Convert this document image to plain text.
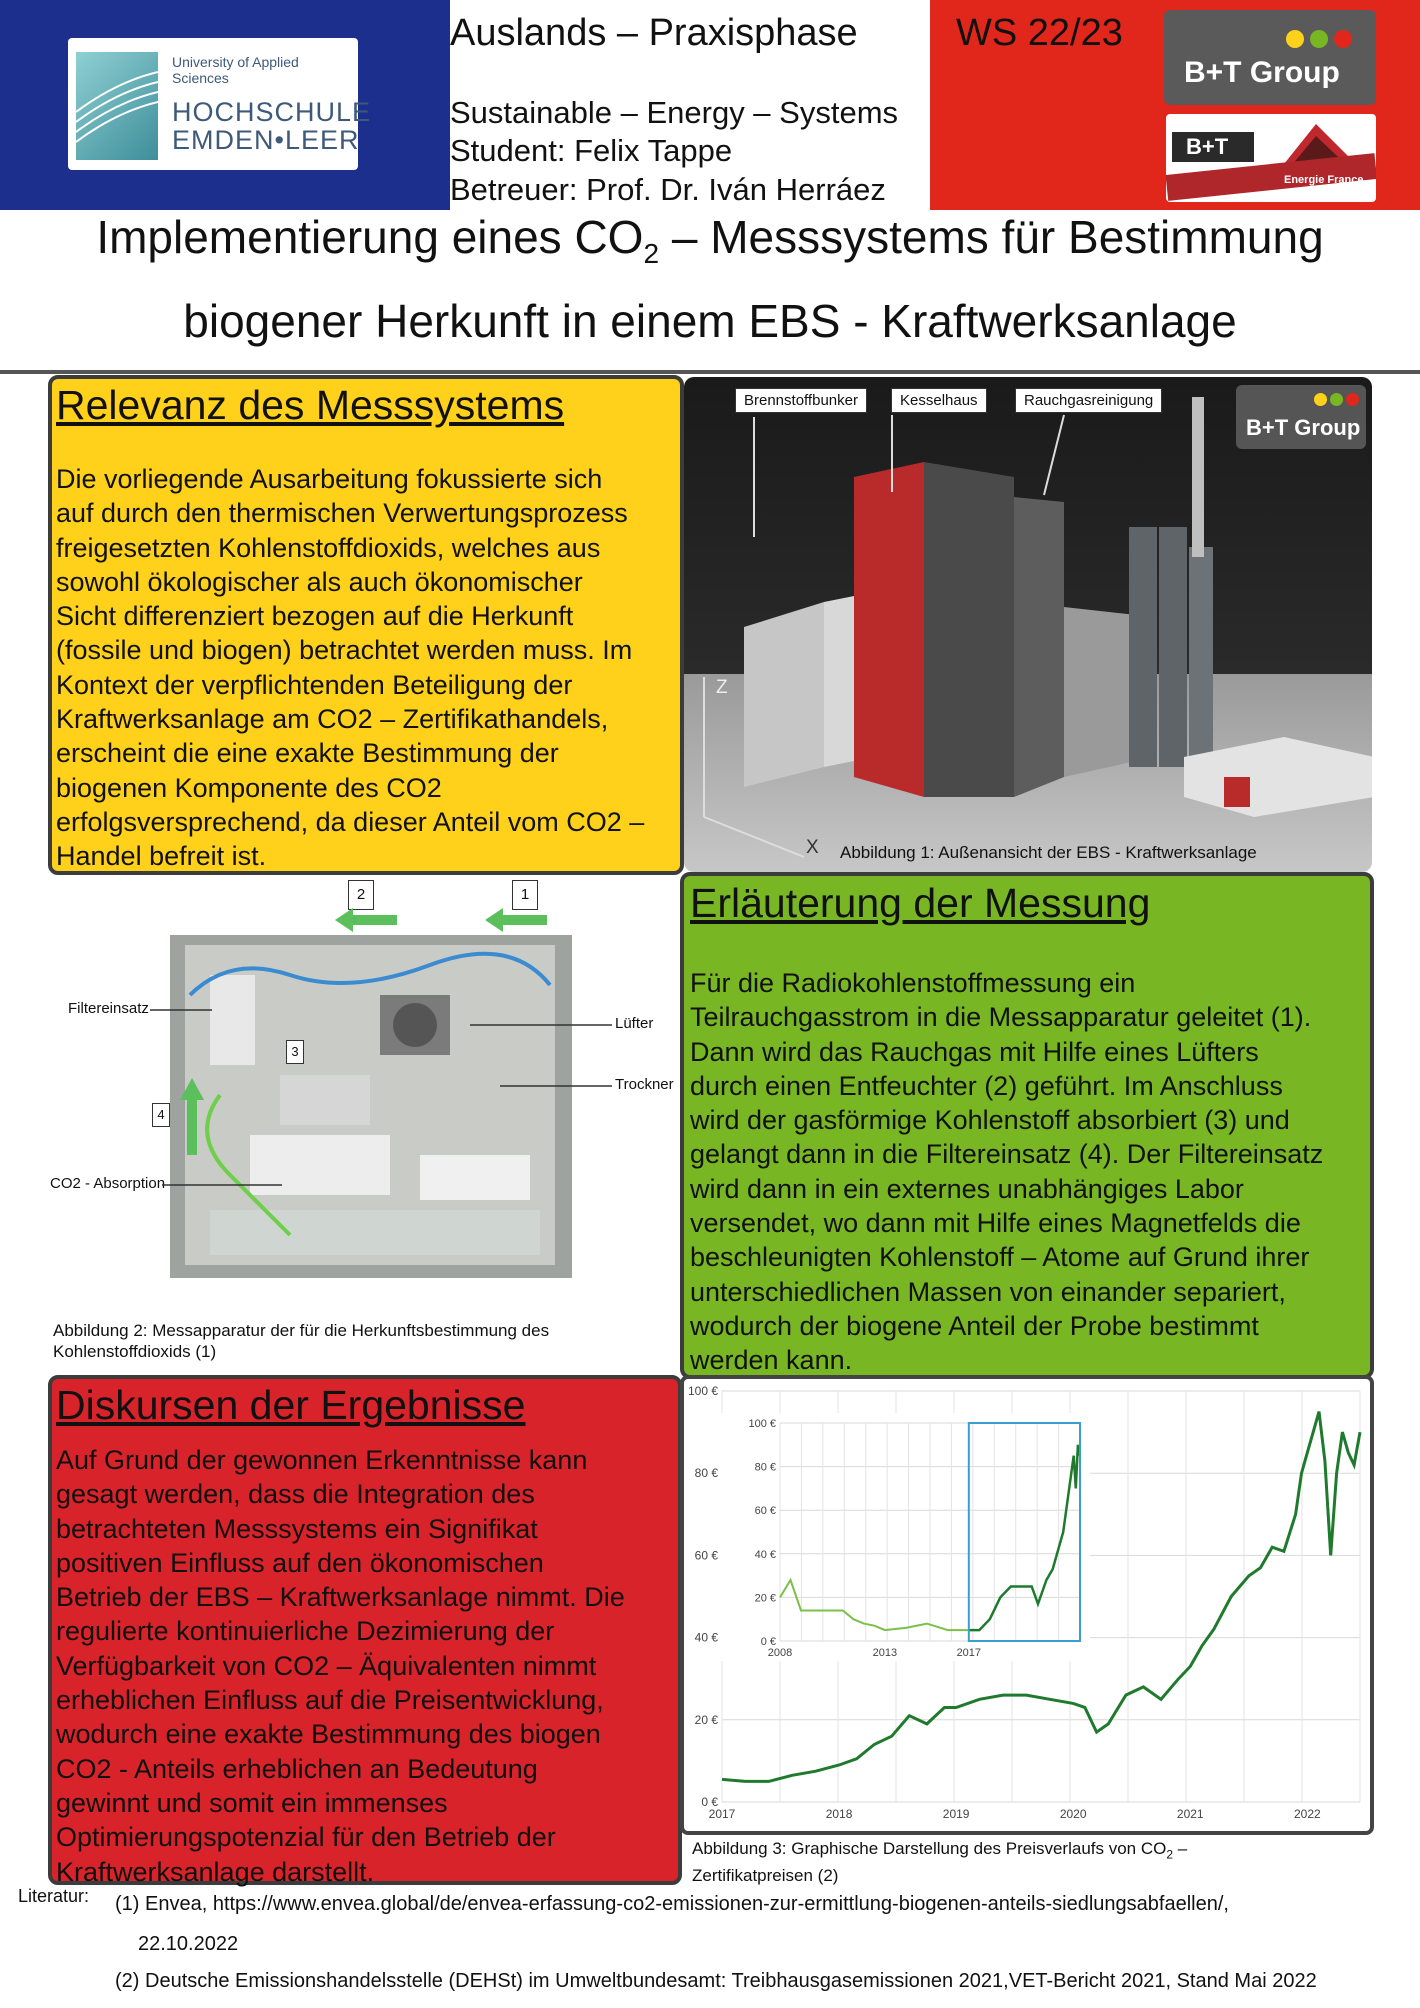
University of Applied Sciences
HOCHSCHULE
EMDEN•LEER
Auslands – Praxisphase	WS 22/23
Sustainable – Energy – Systems
Student: Felix Tappe
Betreuer: Prof. Dr. Iván Herráez
B+T Group
B+T
Energie France
Implementierung eines $CO_2$ – Messsystems für Bestimmung
biogener Herkunft in einem EBS - Kraftwerksanlage
Relevanz des Messsystems
Die vorliegende Ausarbeitung fokussierte sich
auf durch den thermischen Verwertungsprozess
freigesetzten Kohlenstoffdioxids, welches aus
sowohl ökologischer als auch ökonomischer
Sicht differenziert bezogen auf die Herkunft
(fossile und biogen) betrachtet werden muss. Im
Kontext der verpflichtenden Beteiligung der
Kraftwerksanlage am CO2 – Zertifikathandels,
erscheint die eine exakte Bestimmung der
biogenen Komponente des CO2
erfolgsversprechend, da dieser Anteil vom CO2 –
Handel befreit ist.
Brennstoffbunker	Kesselhaus	Rauchgasreinigung
B+T Group
Z
X Abbildung 1: Außenansicht der EBS - Kraftwerksanlage
2	1
Filtereinsatz
Lüfter
Trockner
CO2 - Absorption
4
3
Abbildung 2: Messapparatur der für die Herkunftsbestimmung des
Kohlenstoffdioxids (1)
Erläuterung der Messung
Für die Radiokohlenstoffmessung ein
Teilrauchgasstrom in die Messapparatur geleitet (1).
Dann wird das Rauchgas mit Hilfe eines Lüfters
durch einen Entfeuchter (2) geführt. Im Anschluss
wird der gasförmige Kohlenstoff absorbiert (3) und
gelangt dann in die Filtereinsatz (4). Der Filtereinsatz
wird dann in ein externes unabhängiges Labor
versendet, wo dann mit Hilfe eines Magnetfelds die
beschleunigten Kohlenstoff – Atome auf Grund ihrer
unterschiedlichen Massen von einander separiert,
wodurch der biogene Anteil der Probe bestimmt
werden kann.
Diskursen der Ergebnisse
Auf Grund der gewonnen Erkenntnisse kann
gesagt werden, dass die Integration des
betrachteten Messsystems ein Signifikat
positiven Einfluss auf den ökonomischen
Betrieb der EBS – Kraftwerksanlage nimmt. Die
regulierte kontinuierliche Dezimierung der
Verfügbarkeit von CO2 – Äquivalenten nimmt
erheblichen Einfluss auf die Preisentwicklung,
wodurch eine exakte Bestimmung des biogen
CO2 - Anteils erheblichen an Bedeutung
gewinnt und somit ein immenses
Optimierungspotenzial für den Betrieb der
Kraftwerksanlage darstellt.
0 €
20 €
40 €
60 €
80 €
100 €
2017	2018	2019	2020	2021	2022
0 €
20 €
40 €
60 €
80 €
100 €
2008	2013	2017
Abbildung 3: Graphische Darstellung des Preisverlaufs von $CO_2$ –
Zertifikatpreisen (2)
Literatur: (1) Envea, https://www.envea.global/de/envea-erfassung-co2-emissionen-zur-ermittlung-biogenen-anteils-siedlungsabfaellen/,
22.10.2022
(2) Deutsche Emissionshandelsstelle (DEHSt) im Umweltbundesamt: Treibhausgasemissionen 2021,VET-Bericht 2021, Stand Mai 2022
